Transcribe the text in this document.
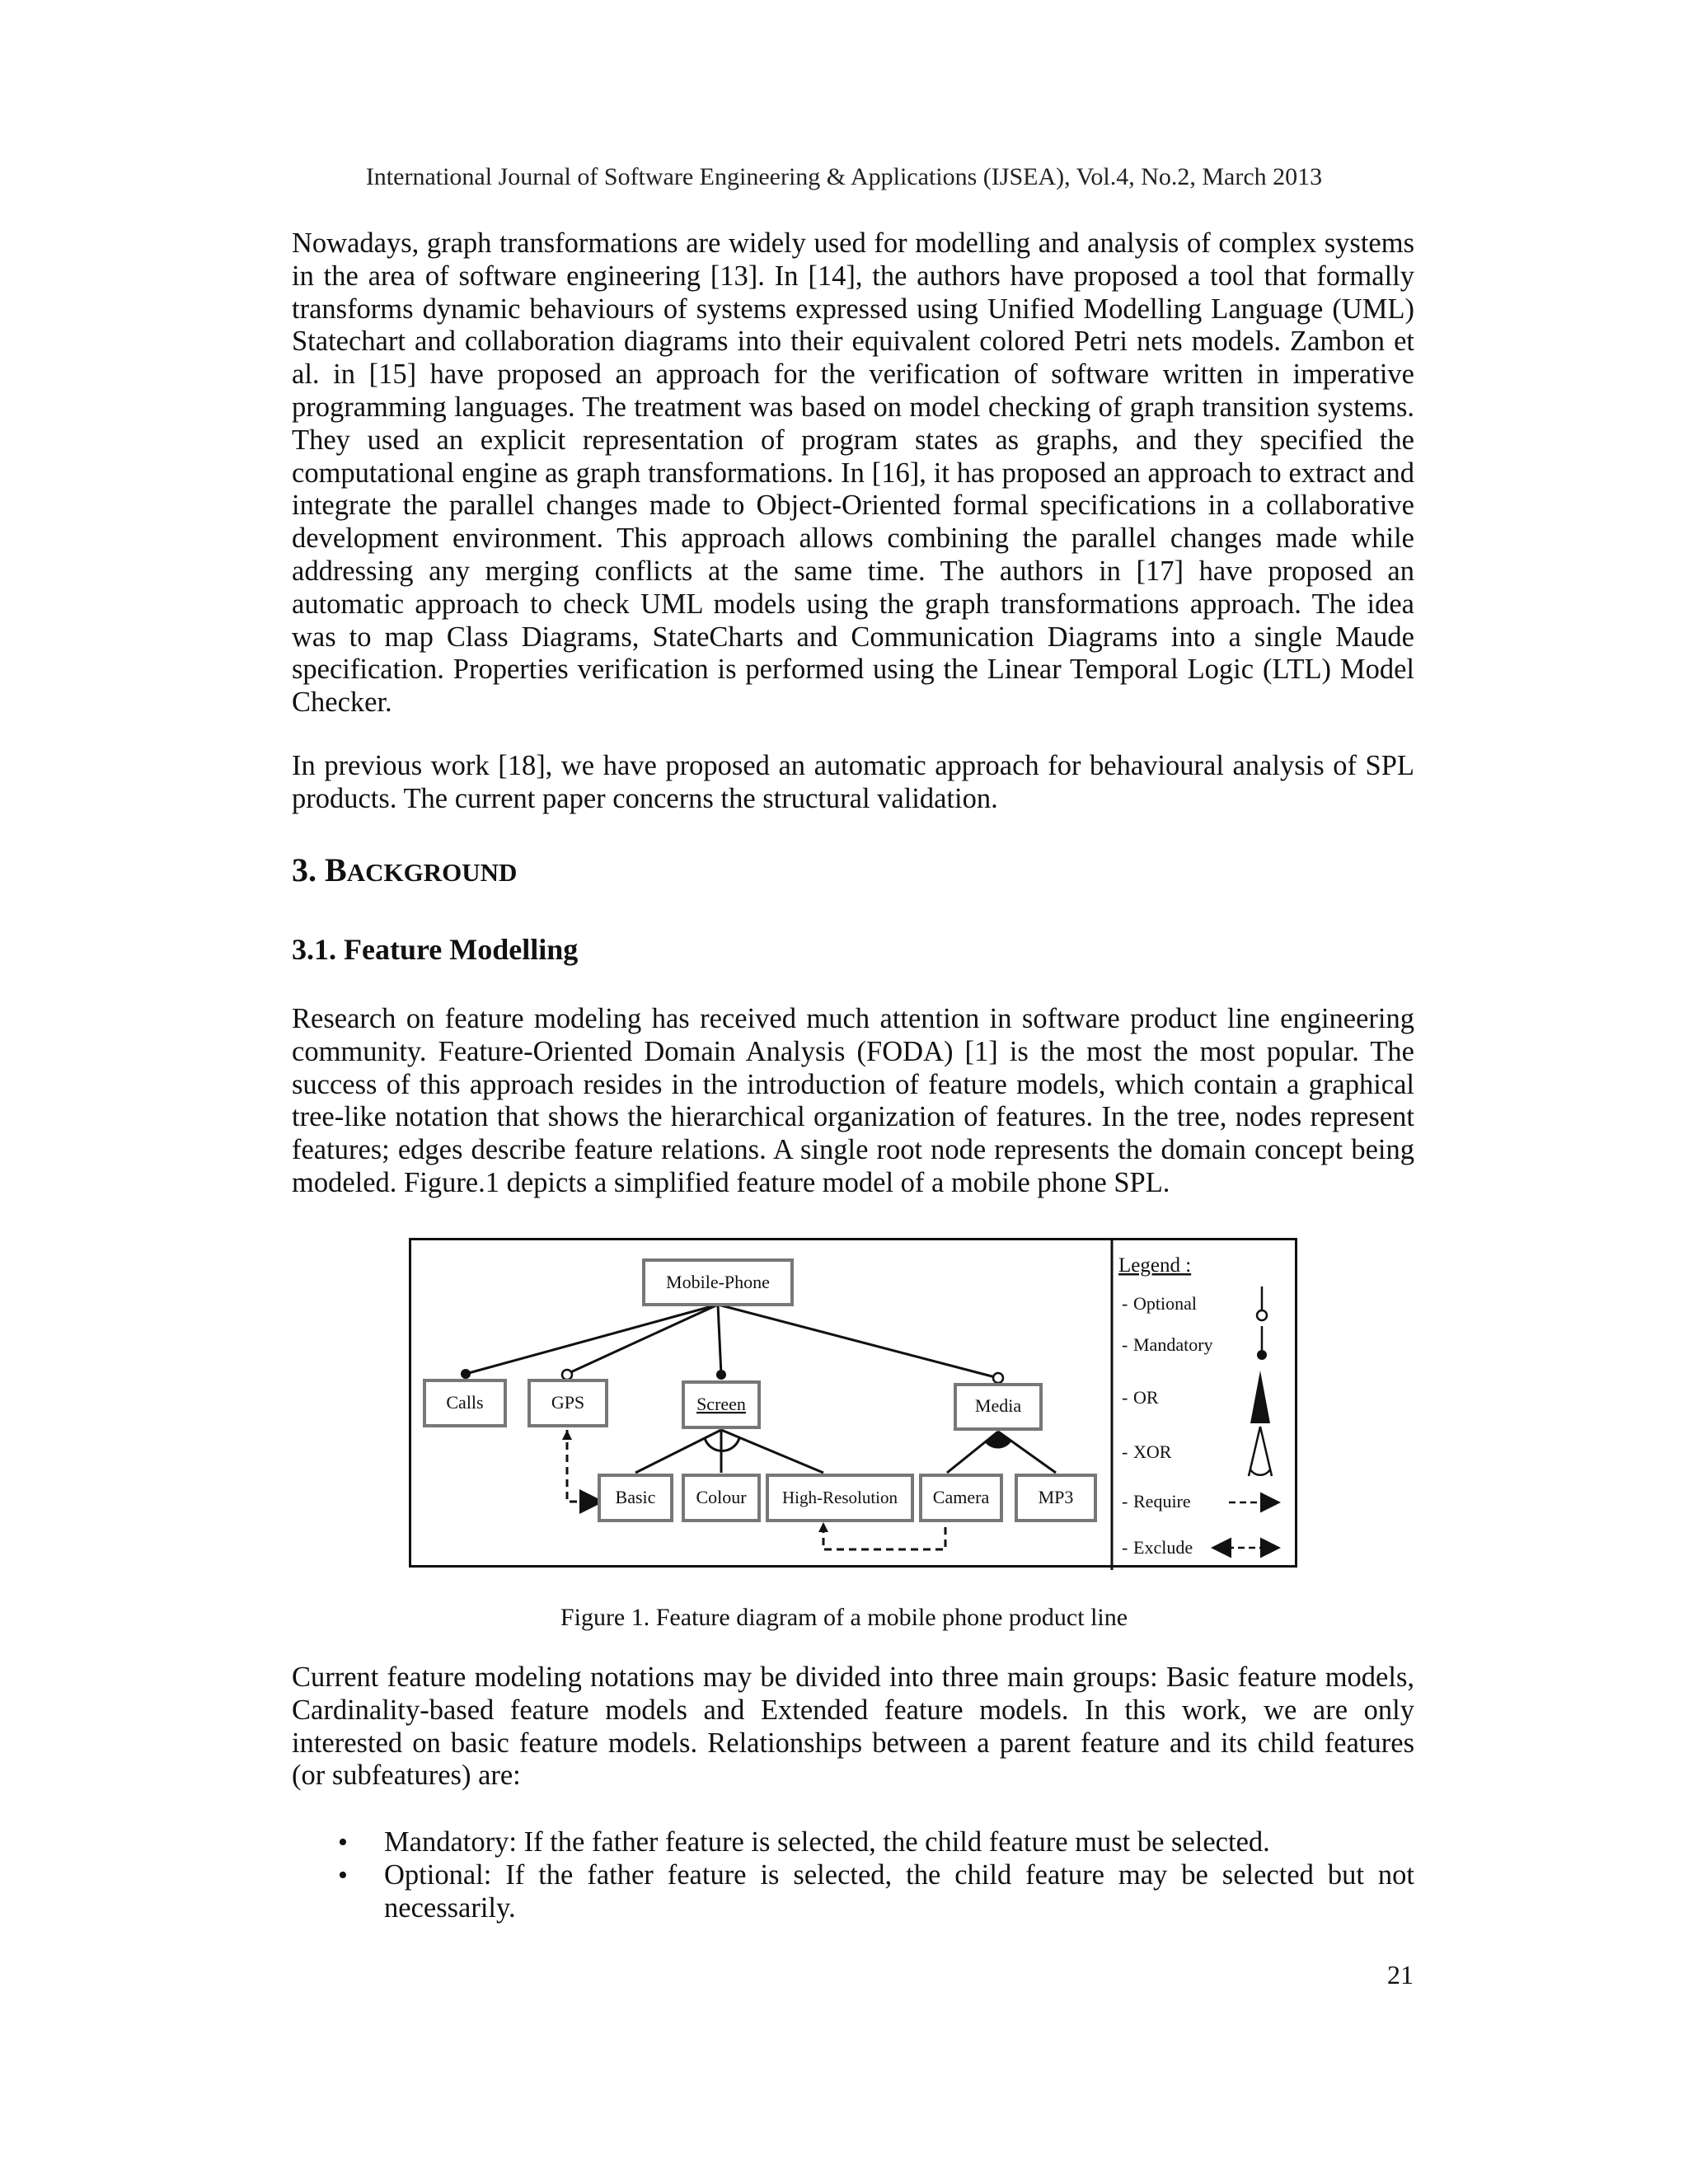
International Journal of Software Engineering & Applications (IJSEA), Vol.4, No.2, March 2013

Nowadays, graph transformations are widely used for modelling and analysis of complex systems in the area of software engineering [13]. In [14], the authors have proposed a tool that formally transforms dynamic behaviours of systems expressed using Unified Modelling Language (UML) Statechart and collaboration diagrams into their equivalent colored Petri nets models. Zambon et al. in [15] have proposed an approach for the verification of software written in imperative programming languages. The treatment was based on model checking of graph transition systems. They used an explicit representation of program states as graphs, and they specified the computational engine as graph transformations. In [16], it has proposed an approach to extract and integrate the parallel changes made to Object-Oriented formal specifications in a collaborative development environment. This approach allows combining the parallel changes made while addressing any merging conflicts at the same time. The authors in [17] have proposed an automatic approach to check UML models using the graph transformations approach. The idea was to map Class Diagrams, StateCharts and Communication Diagrams into a single Maude specification. Properties verification is performed using the Linear Temporal Logic (LTL) Model Checker.

In previous work [18], we have proposed an automatic approach for behavioural analysis of SPL products. The current paper concerns the structural validation.

3. BACKGROUND
3.1. Feature Modelling

Research on feature modeling has received much attention in software product line engineering community. Feature-Oriented Domain Analysis (FODA) [1] is the most the most popular. The success of this approach resides in the introduction of feature models, which contain a graphical tree-like notation that shows the hierarchical organization of features. In the tree, nodes represent features; edges describe feature relations. A single root node represents the domain concept being modeled. Figure.1 depicts a simplified feature model of a mobile phone SPL.

Mobile-Phone
Calls	GPS	Screen	Media
Basic Colour High-Resolution Camera	MP3
Legend :
- Optional
- Mandatory
- OR
- XOR
- Require
- Exclude
Figure 1. Feature diagram of a mobile phone product line

Current feature modeling notations may be divided into three main groups: Basic feature models, Cardinality-based feature models and Extended feature models. In this work, we are only interested on basic feature models. Relationships between a parent feature and its child features (or subfeatures) are:

• Mandatory: If the father feature is selected, the child feature must be selected.
• Optional: If the father feature is selected, the child feature may be selected but not necessarily.
21
